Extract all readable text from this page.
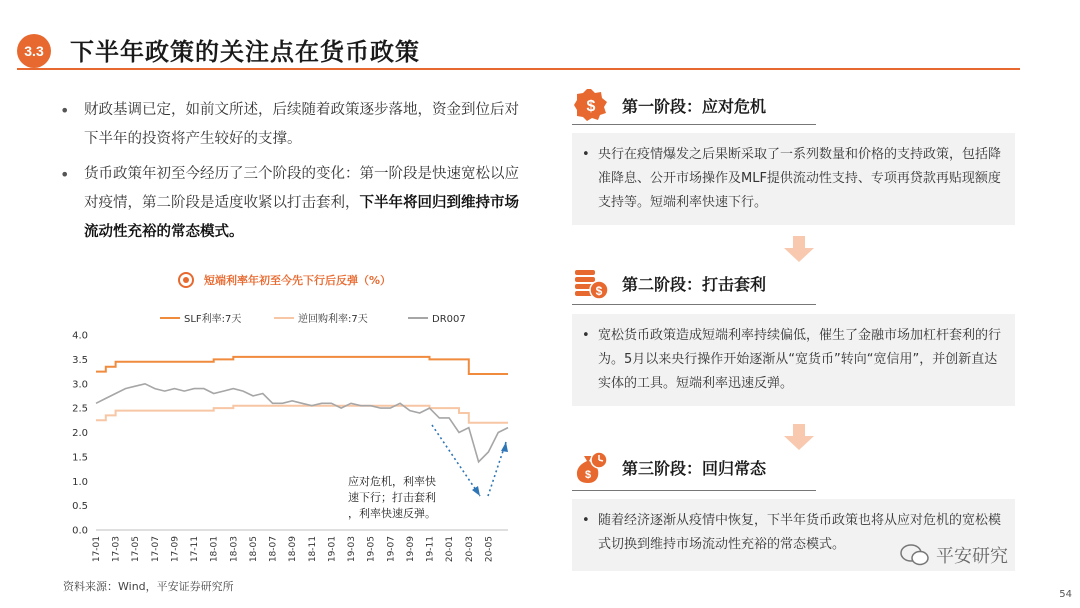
3.3	下半年政策的关注点在货币政策
• 财政基调已定，如前文所述，后续随着政策逐步落地，资金到位后对下半年的投资将产生较好的支撑。
• 货币政策年初至今经历了三个阶段的变化：第一阶段是快速宽松以应对疫情，第二阶段是适度收紧以打击套利，下半年将回归到维持市场流动性充裕的常态模式。
短端利率年初至今先下行后反弹（%）
SLF利率:7天	逆回购利率:7天	DR007
0.0
0.5
1.0
1.5
2.0
2.5
3.0
3.5
4.0
17-01 17-03 17-05 17-07 17-09 17-11 18-01 18-03 18-05 18-07 18-09 18-11 19-01 19-03 19-05 19-07 19-09 19-11 20-01 20-03 20-05
应对危机，利率快
速下行；打击套利
，利率快速反弹。
资料来源：Wind，平安证券研究所
$ 第一阶段：应对危机
• 央行在疫情爆发之后果断采取了一系列数量和价格的支持政策，包括降准降息、公开市场操作及MLF提供流动性支持、专项再贷款再贴现额度支持等。短端利率快速下行。
$ 第二阶段：打击套利
• 宽松货币政策造成短端利率持续偏低，催生了金融市场加杠杆套利的行为。5月以来央行操作开始逐渐从“宽货币”转向“宽信用”，并创新直达实体的工具。短端利率迅速反弹。
$ 第三阶段：回归常态
• 随着经济逐渐从疫情中恢复，下半年货币政策也将从应对危机的宽松模式切换到维持市场流动性充裕的常态模式。
平安研究
54
